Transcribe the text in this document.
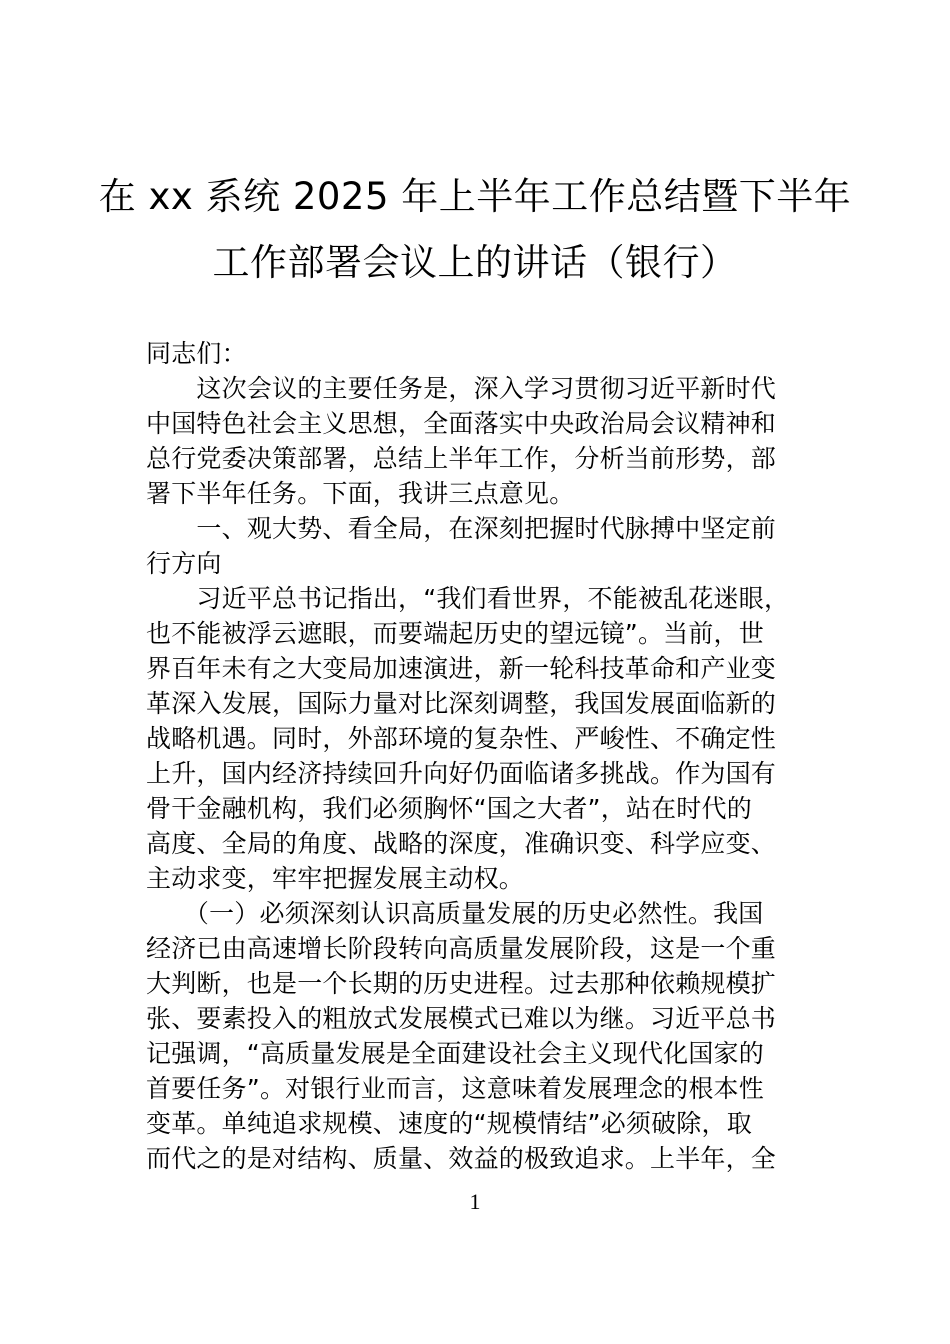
在 xx 系统 2025 年上半年工作总结暨下半年
工作部署会议上的讲话（银行）
同志们：
　　这次会议的主要任务是，深入学习贯彻习近平新时代
中国特色社会主义思想，全面落实中央政治局会议精神和
总行党委决策部署，总结上半年工作，分析当前形势，部
署下半年任务。下面，我讲三点意见。
　　一、观大势、看全局，在深刻把握时代脉搏中坚定前
行方向
　　习近平总书记指出，“我们看世界，不能被乱花迷眼，
也不能被浮云遮眼，而要端起历史的望远镜”。当前，世
界百年未有之大变局加速演进，新一轮科技革命和产业变
革深入发展，国际力量对比深刻调整，我国发展面临新的
战略机遇。同时，外部环境的复杂性、严峻性、不确定性
上升，国内经济持续回升向好仍面临诸多挑战。作为国有
骨干金融机构，我们必须胸怀“国之大者”，站在时代的
高度、全局的角度、战略的深度，准确识变、科学应变、
主动求变，牢牢把握发展主动权。
　　（一）必须深刻认识高质量发展的历史必然性。我国
经济已由高速增长阶段转向高质量发展阶段，这是一个重
大判断，也是一个长期的历史进程。过去那种依赖规模扩
张、要素投入的粗放式发展模式已难以为继。习近平总书
记强调，“高质量发展是全面建设社会主义现代化国家的
首要任务”。对银行业而言，这意味着发展理念的根本性
变革。单纯追求规模、速度的“规模情结”必须破除，取
而代之的是对结构、质量、效益的极致追求。上半年，全
1
